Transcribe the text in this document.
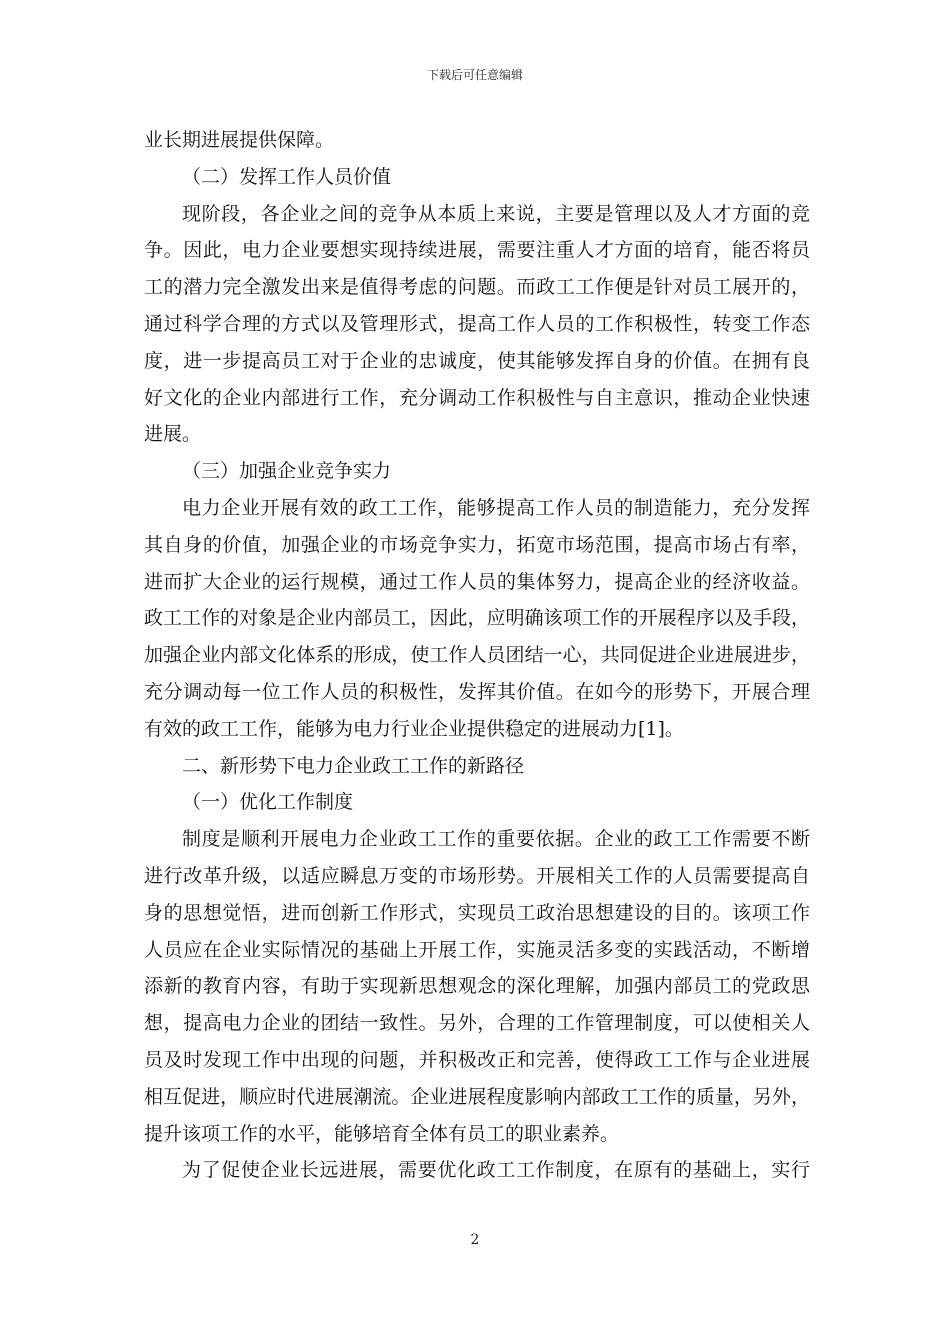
下载后可任意编辑
业长期进展提供保障。
（二）发挥工作人员价值
现阶段，各企业之间的竞争从本质上来说，主要是管理以及人才方面的竞
争。因此，电力企业要想实现持续进展，需要注重人才方面的培育，能否将员
工的潜力完全激发出来是值得考虑的问题。而政工工作便是针对员工展开的，
通过科学合理的方式以及管理形式，提高工作人员的工作积极性，转变工作态
度，进一步提高员工对于企业的忠诚度，使其能够发挥自身的价值。在拥有良
好文化的企业内部进行工作，充分调动工作积极性与自主意识，推动企业快速
进展。
（三）加强企业竞争实力
电力企业开展有效的政工工作，能够提高工作人员的制造能力，充分发挥
其自身的价值，加强企业的市场竞争实力，拓宽市场范围，提高市场占有率，
进而扩大企业的运行规模，通过工作人员的集体努力，提高企业的经济收益。
政工工作的对象是企业内部员工，因此，应明确该项工作的开展程序以及手段，
加强企业内部文化体系的形成，使工作人员团结一心，共同促进企业进展进步，
充分调动每一位工作人员的积极性，发挥其价值。在如今的形势下，开展合理
有效的政工工作，能够为电力行业企业提供稳定的进展动力[1]。
二、新形势下电力企业政工工作的新路径
（一）优化工作制度
制度是顺利开展电力企业政工工作的重要依据。企业的政工工作需要不断
进行改革升级，以适应瞬息万变的市场形势。开展相关工作的人员需要提高自
身的思想觉悟，进而创新工作形式，实现员工政治思想建设的目的。该项工作
人员应在企业实际情况的基础上开展工作，实施灵活多变的实践活动，不断增
添新的教育内容，有助于实现新思想观念的深化理解，加强内部员工的党政思
想，提高电力企业的团结一致性。另外，合理的工作管理制度，可以使相关人
员及时发现工作中出现的问题，并积极改正和完善，使得政工工作与企业进展
相互促进，顺应时代进展潮流。企业进展程度影响内部政工工作的质量，另外，
提升该项工作的水平，能够培育全体有员工的职业素养。
为了促使企业长远进展，需要优化政工工作制度，在原有的基础上，实行
2
